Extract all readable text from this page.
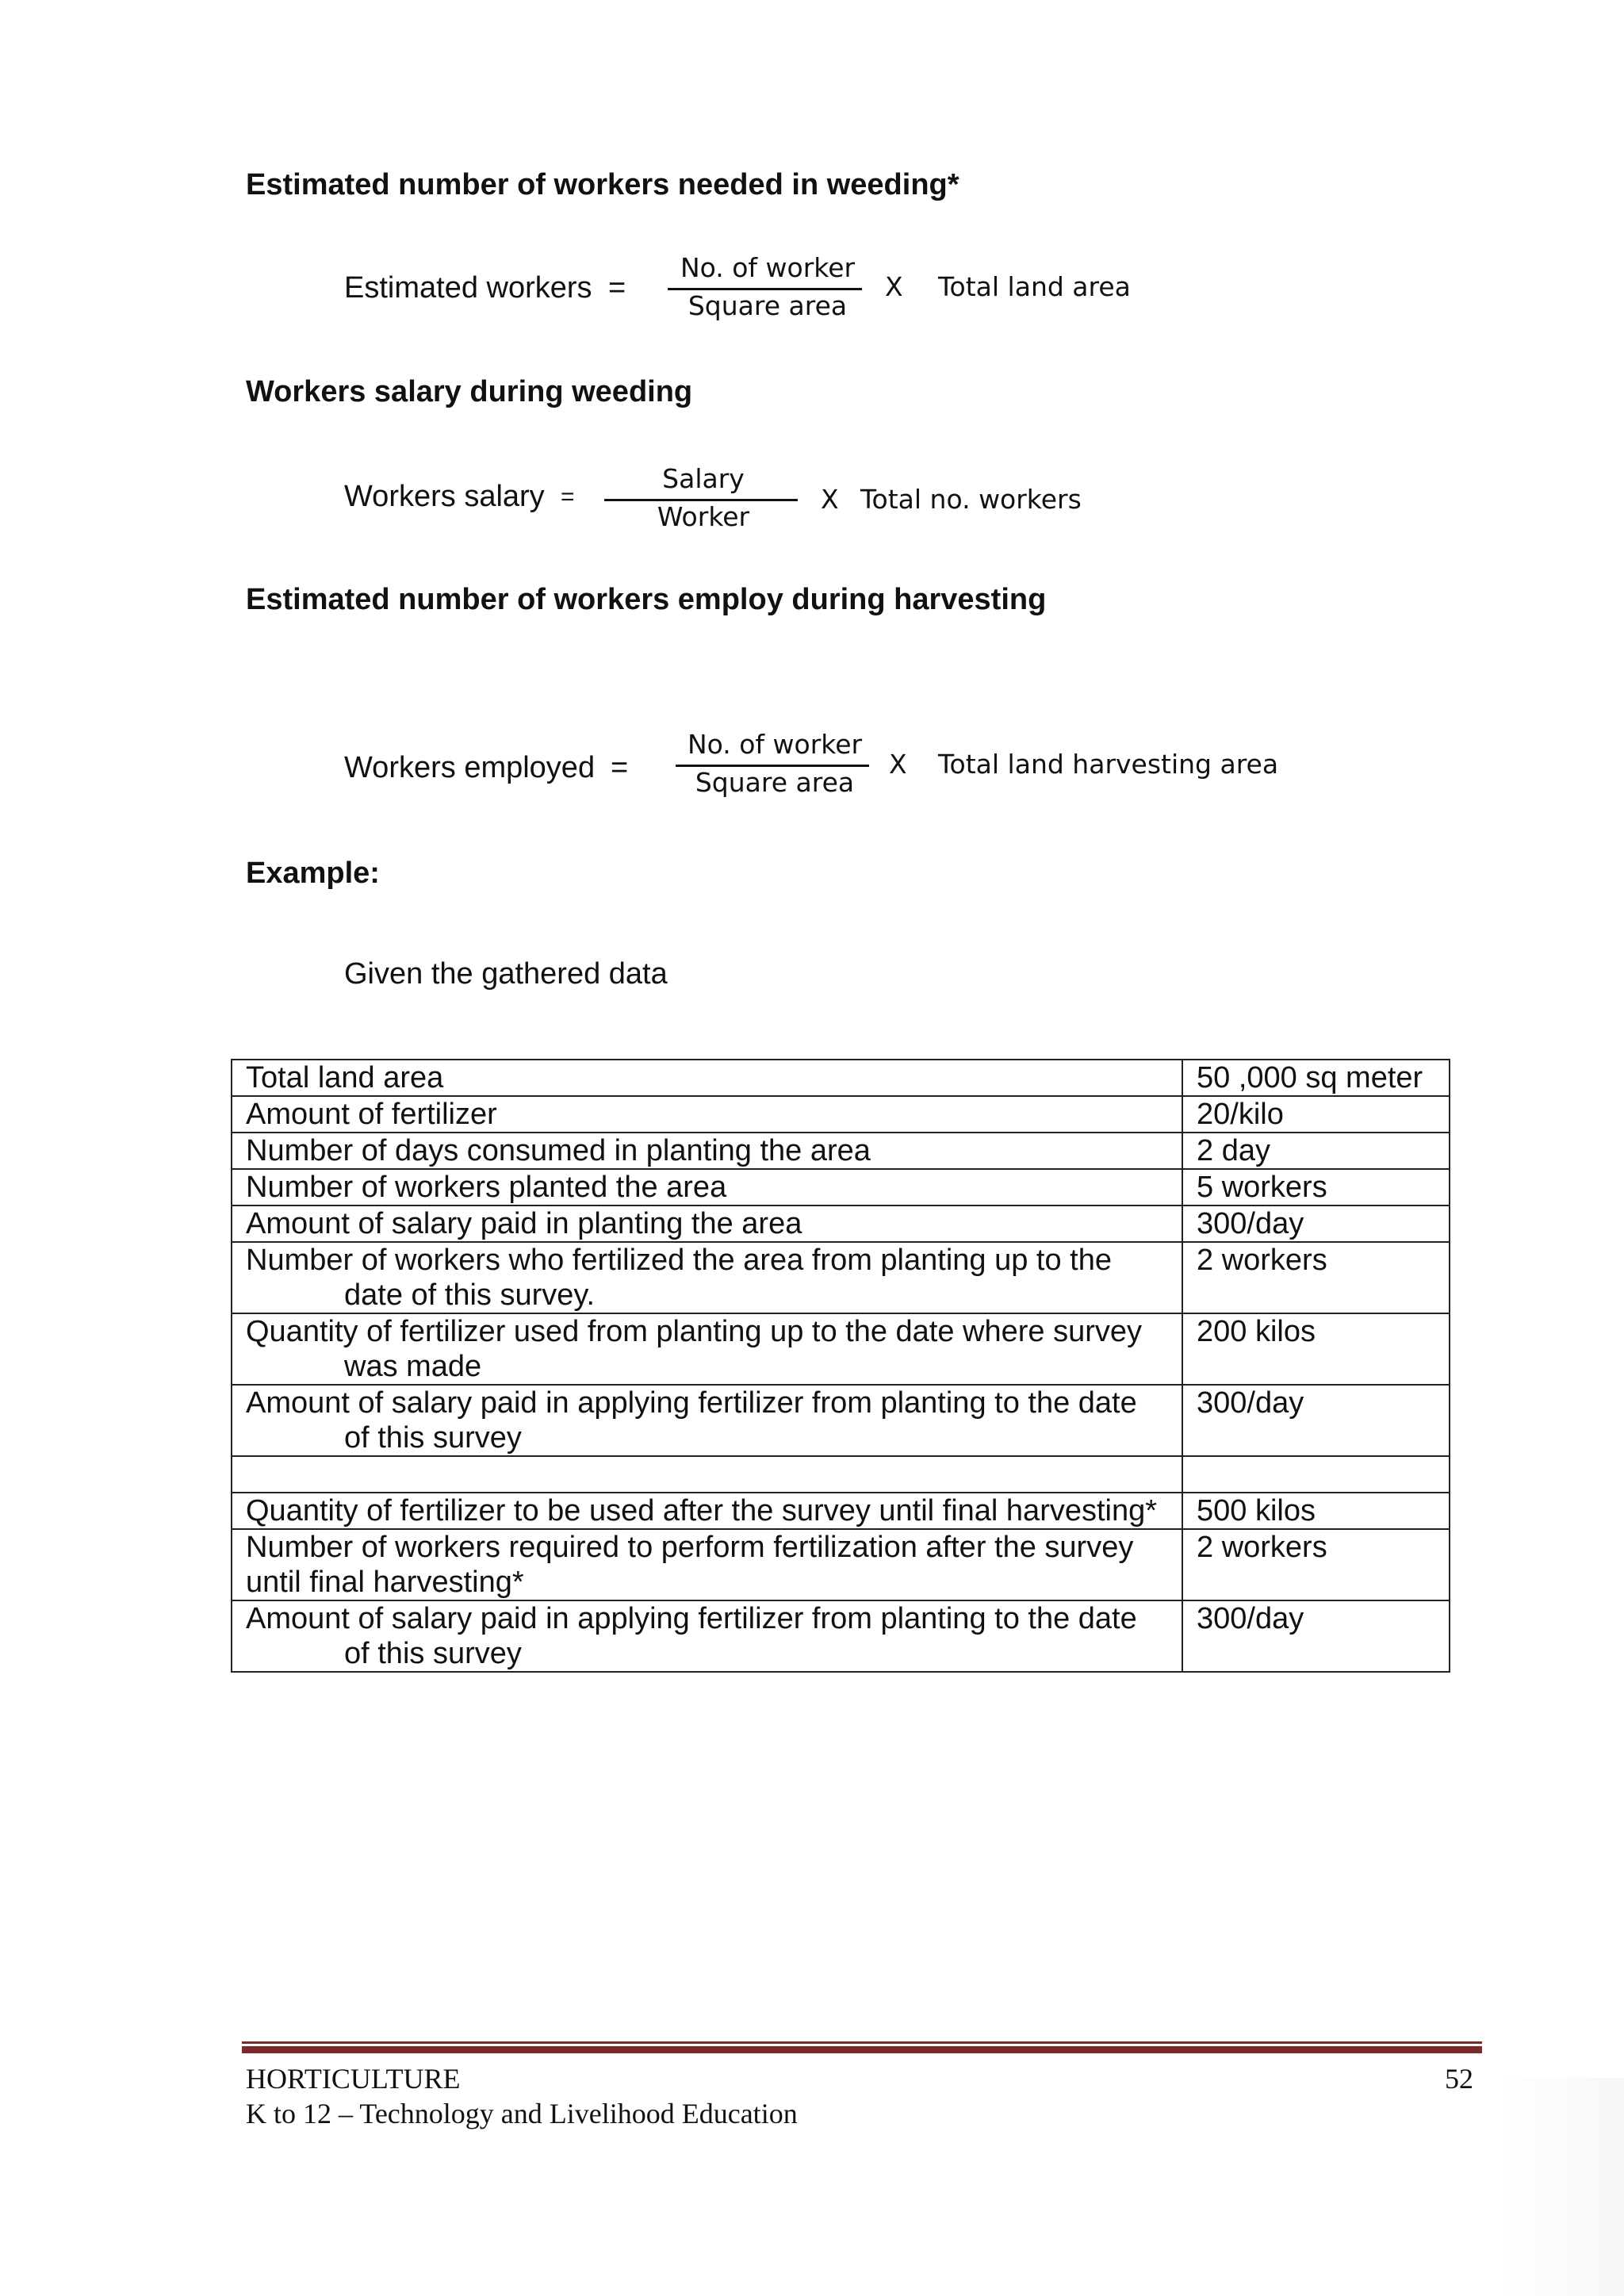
Estimated number of workers needed in weeding*
Estimated workers =
No. of worker
Square area
X Total land area
Workers salary during weeding
Workers salary =
Salary
Worker
X Total no. workers
Estimated number of workers employ during harvesting
Workers employed =
No. of worker
Square area
X Total land harvesting area
Example:
Given the gathered data
Total land area	50 ,000 sq meter
Amount of fertilizer	20/kilo
Number of days consumed in planting the area	2 day
Number of workers planted the area	5 workers
Amount of salary paid in planting the area	300/day
Number of workers who fertilized the area from planting up to the
date of this survey.	2 workers
Quantity of fertilizer used from planting up to the date where survey
was made	200 kilos
Amount of salary paid in applying fertilizer from planting to the date
of this survey	300/day

Quantity of fertilizer to be used after the survey until final harvesting*	500 kilos
Number of workers required to perform fertilization after the survey
until final harvesting*	2 workers
Amount of salary paid in applying fertilizer from planting to the date
of this survey	300/day
HORTICULTURE
K to 12 – Technology and Livelihood Education
52
